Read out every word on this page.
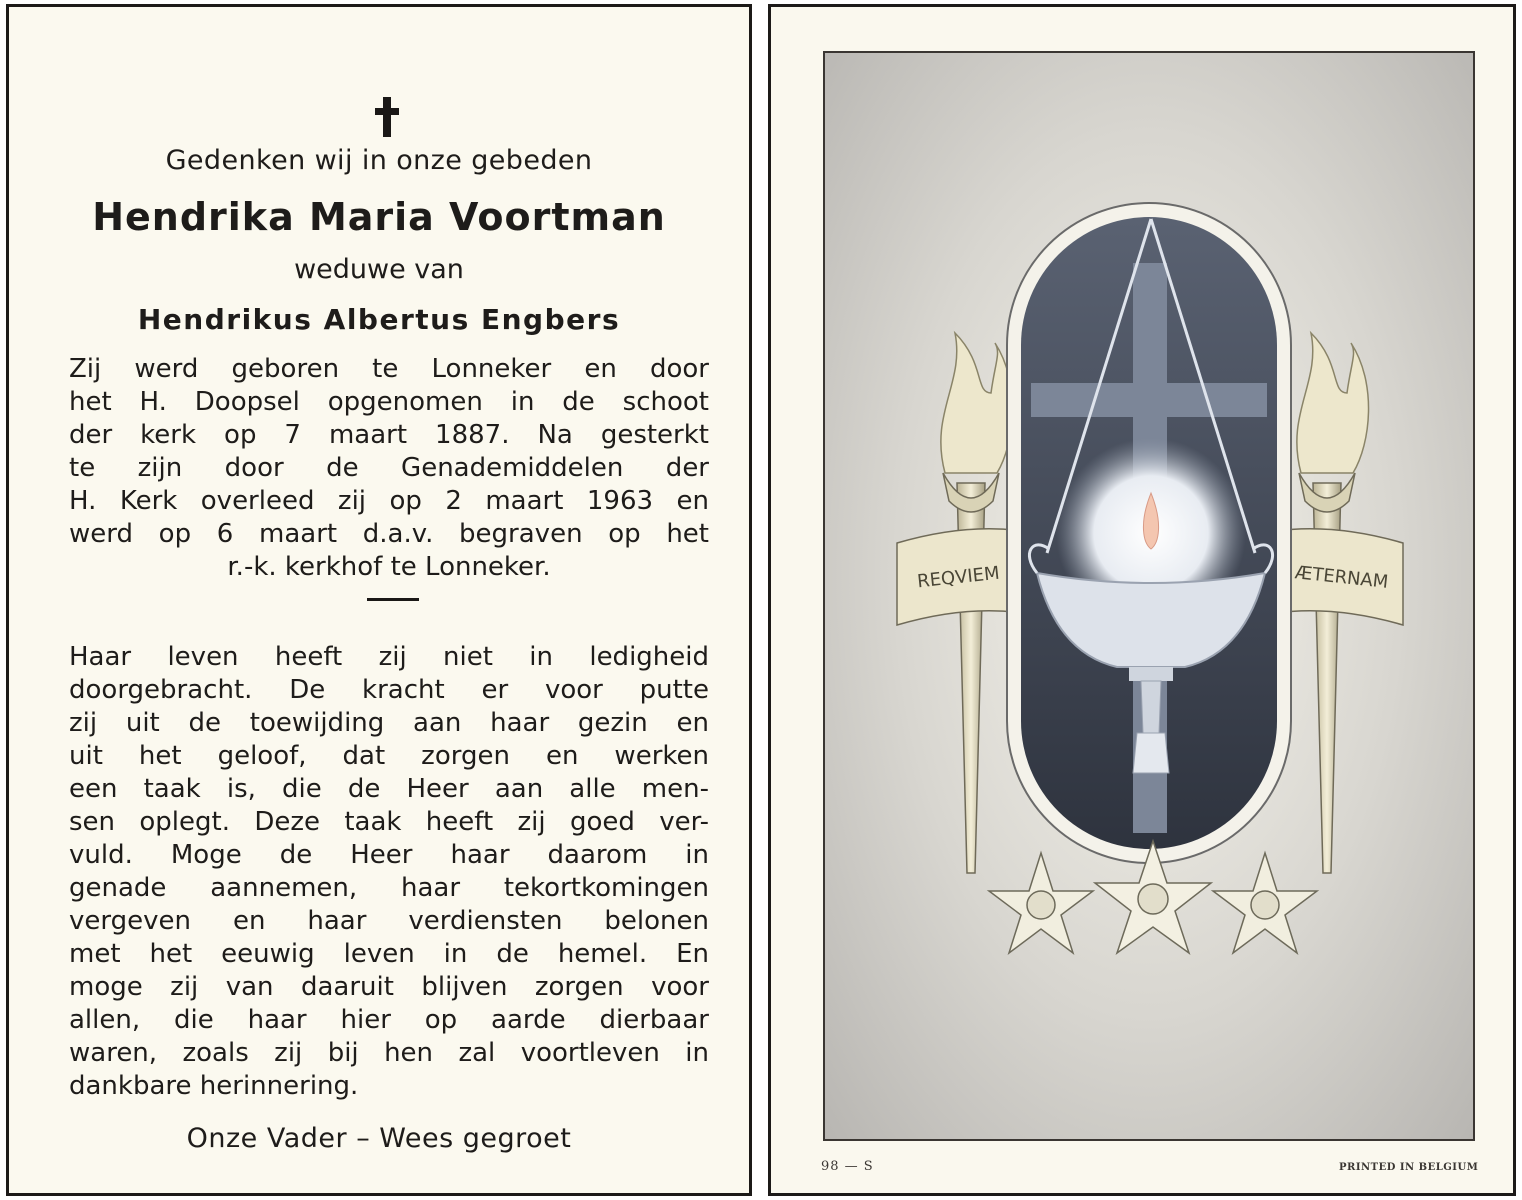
Gedenken wij in onze gebeden
Hendrika Maria Voortman
weduwe van
Hendrikus Albertus Engbers
Zij werd geboren te Lonneker en door
het H. Doopsel opgenomen in de schoot
der kerk op 7 maart 1887. Na gesterkt
te zijn door de Genademiddelen der
H. Kerk overleed zij op 2 maart 1963 en
werd op 6 maart d.a.v. begraven op het
r.-k. kerkhof te Lonneker.
Haar leven heeft zij niet in ledigheid
doorgebracht. De kracht er voor putte
zij uit de toewijding aan haar gezin en
uit het geloof, dat zorgen en werken
een taak is, die de Heer aan alle men-
sen oplegt. Deze taak heeft zij goed ver-
vuld. Moge de Heer haar daarom in
genade aannemen, haar tekortkomingen
vergeven en haar verdiensten belonen
met het eeuwig leven in de hemel. En
moge zij van daaruit blijven zorgen voor
allen, die haar hier op aarde dierbaar
waren, zoals zij bij hen zal voortleven in
dankbare herinnering.
Onze Vader – Wees gegroet
REQVIEM	ÆTERNAM
98 — S	PRINTED IN BELGIUM
